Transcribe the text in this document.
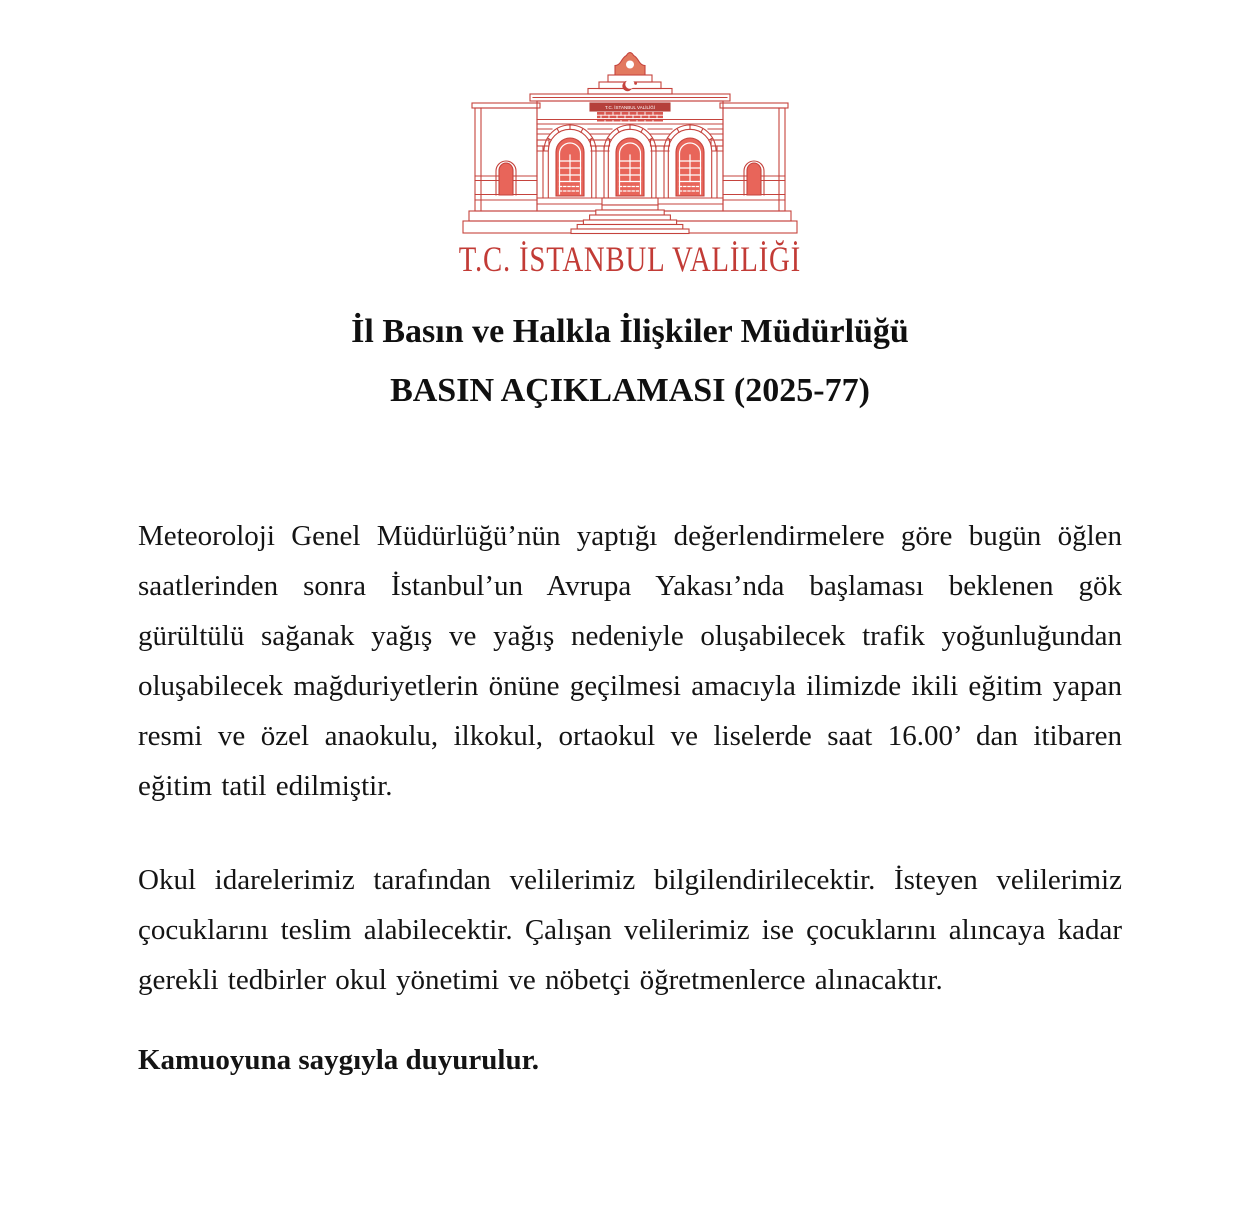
T.C. İSTANBUL VALİLİĞİ
T.C. İSTANBUL VALİLİĞİ
İl Basın ve Halkla İlişkiler Müdürlüğü
BASIN AÇIKLAMASI (2025-77)

Meteoroloji Genel Müdürlüğü’nün yaptığı değerlendirmelere göre bugün öğlen saatlerinden sonra İstanbul’un Avrupa Yakası’nda başlaması beklenen gök gürültülü sağanak yağış ve yağış nedeniyle oluşabilecek trafik yoğunluğundan oluşabilecek mağduriyetlerin önüne geçilmesi amacıyla ilimizde ikili eğitim yapan resmi ve özel anaokulu, ilkokul, ortaokul ve liselerde saat 16.00’ dan itibaren eğitim tatil edilmiştir.

Okul idarelerimiz tarafından velilerimiz bilgilendirilecektir. İsteyen velilerimiz çocuklarını teslim alabilecektir. Çalışan velilerimiz ise çocuklarını alıncaya kadar gerekli tedbirler okul yönetimi ve nöbetçi öğretmenlerce alınacaktır.

Kamuoyuna saygıyla duyurulur.
